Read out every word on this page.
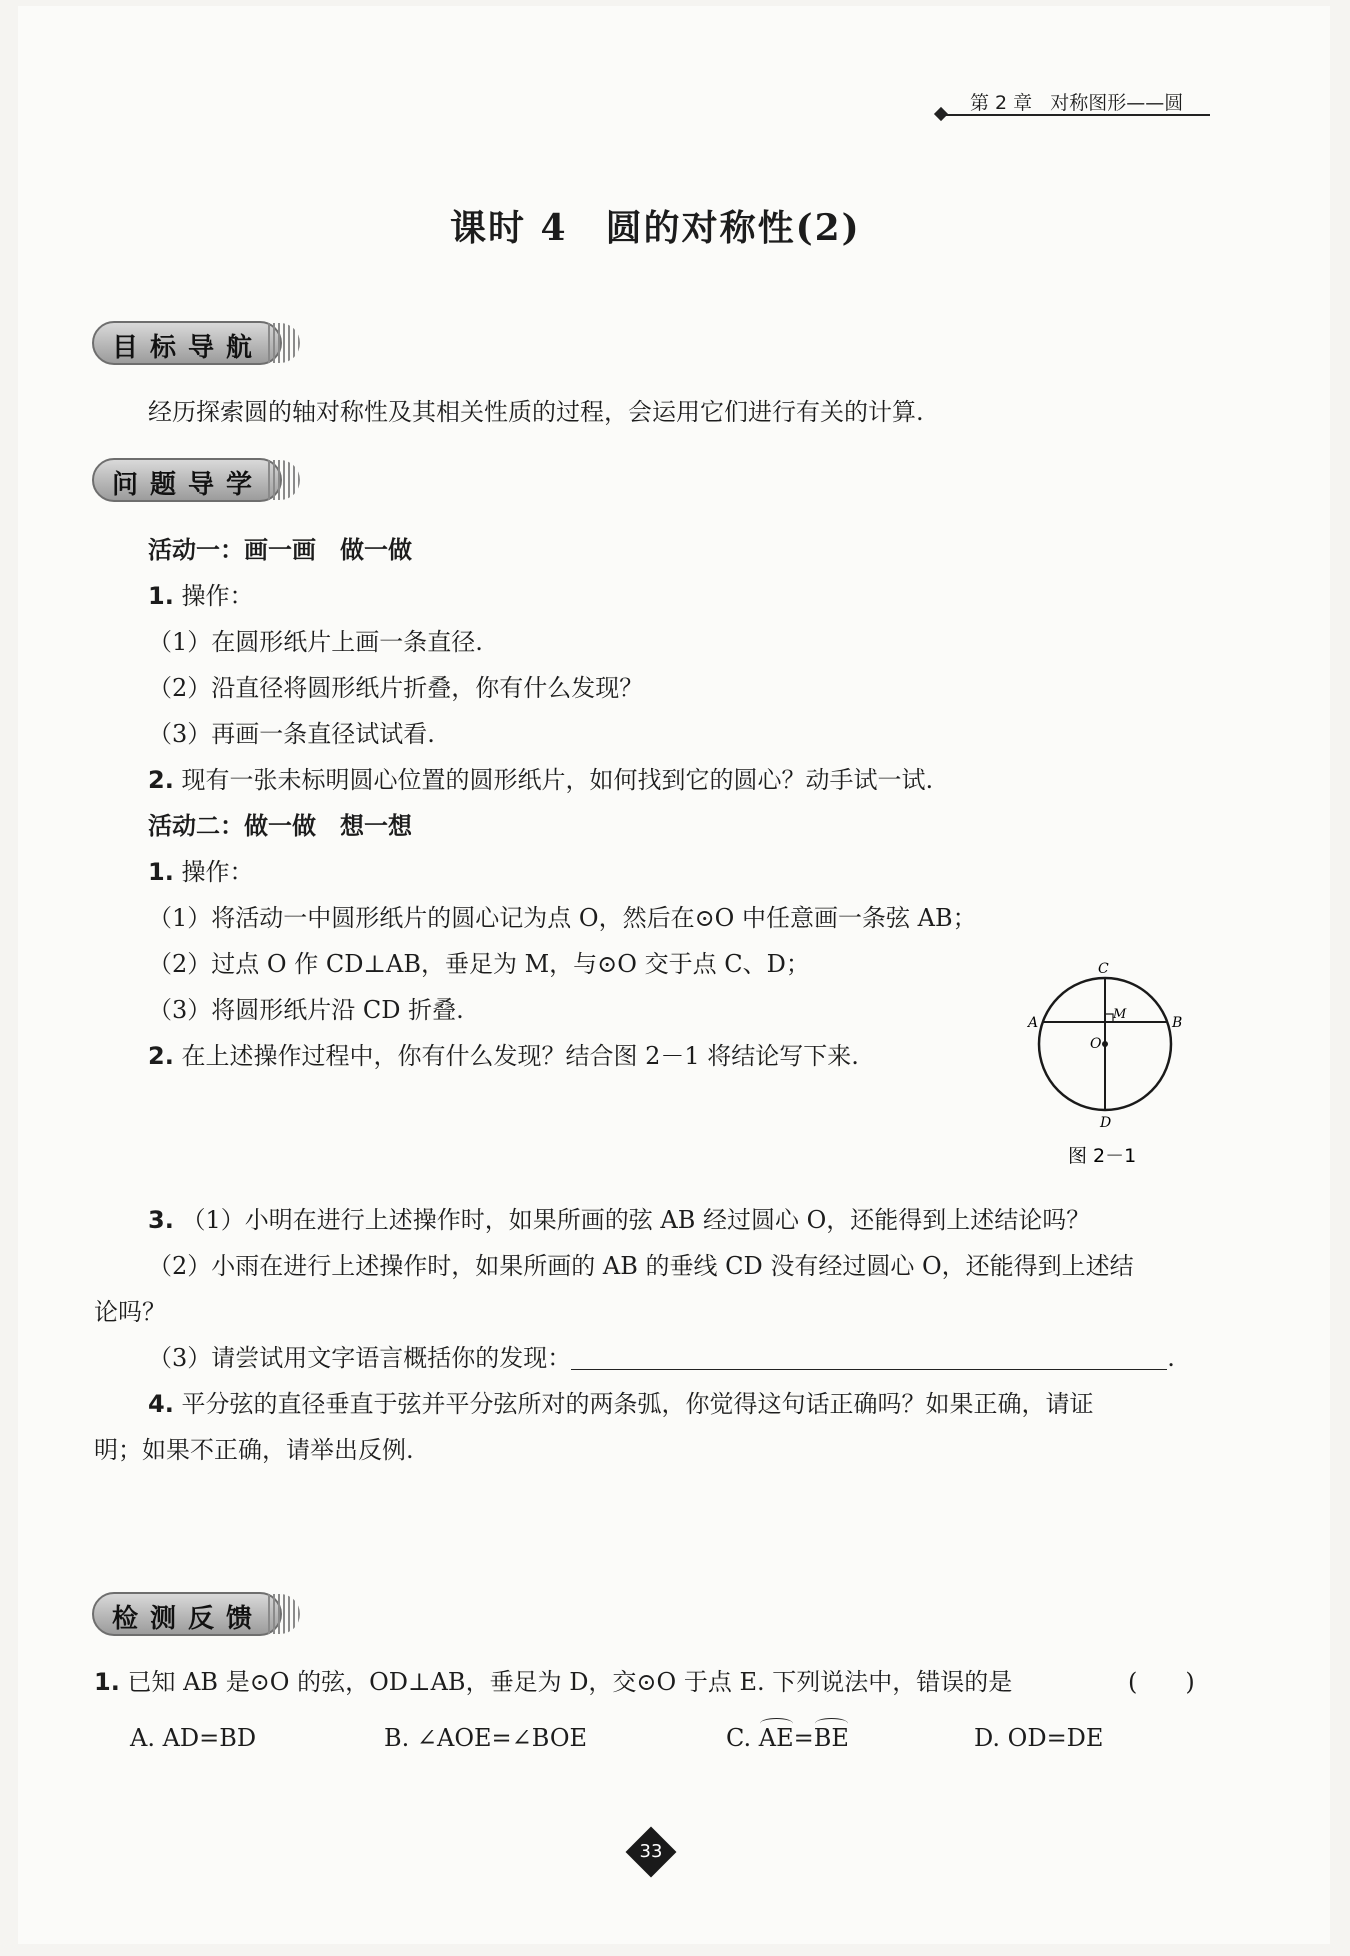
第 2 章 对称图形——圆
课时 4　圆的对称性(2)
目标导航
经历探索圆的轴对称性及其相关性质的过程，会运用它们进行有关的计算.
问题导学
活动一：画一画　做一做
1. 操作：
（1）在圆形纸片上画一条直径.
（2）沿直径将圆形纸片折叠，你有什么发现？
（3）再画一条直径试试看.
2. 现有一张未标明圆心位置的圆形纸片，如何找到它的圆心？动手试一试.
活动二：做一做　想一想
1. 操作：
（1）将活动一中圆形纸片的圆心记为点 O，然后在⊙O 中任意画一条弦 AB；
（2）过点 O 作 CD⊥AB，垂足为 M，与⊙O 交于点 C、D；
（3）将圆形纸片沿 CD 折叠.
2. 在上述操作过程中，你有什么发现？结合图 2－1 将结论写下来.
C
A	B
M
O
D
图 2－1
3. （1）小明在进行上述操作时，如果所画的弦 AB 经过圆心 O，还能得到上述结论吗？
（2）小雨在进行上述操作时，如果所画的 AB 的垂线 CD 没有经过圆心 O，还能得到上述结
论吗？
（3）请尝试用文字语言概括你的发现：	.
4. 平分弦的直径垂直于弦并平分弦所对的两条弧，你觉得这句话正确吗？如果正确，请证
明；如果不正确，请举出反例.
检测反馈
1. 已知 AB 是⊙O 的弦，OD⊥AB，垂足为 D，交⊙O 于点 E. 下列说法中，错误的是	(　　)
A. AD=BD	B. ∠AOE=∠BOE	C. AE=BE	D. OD=DE
33
